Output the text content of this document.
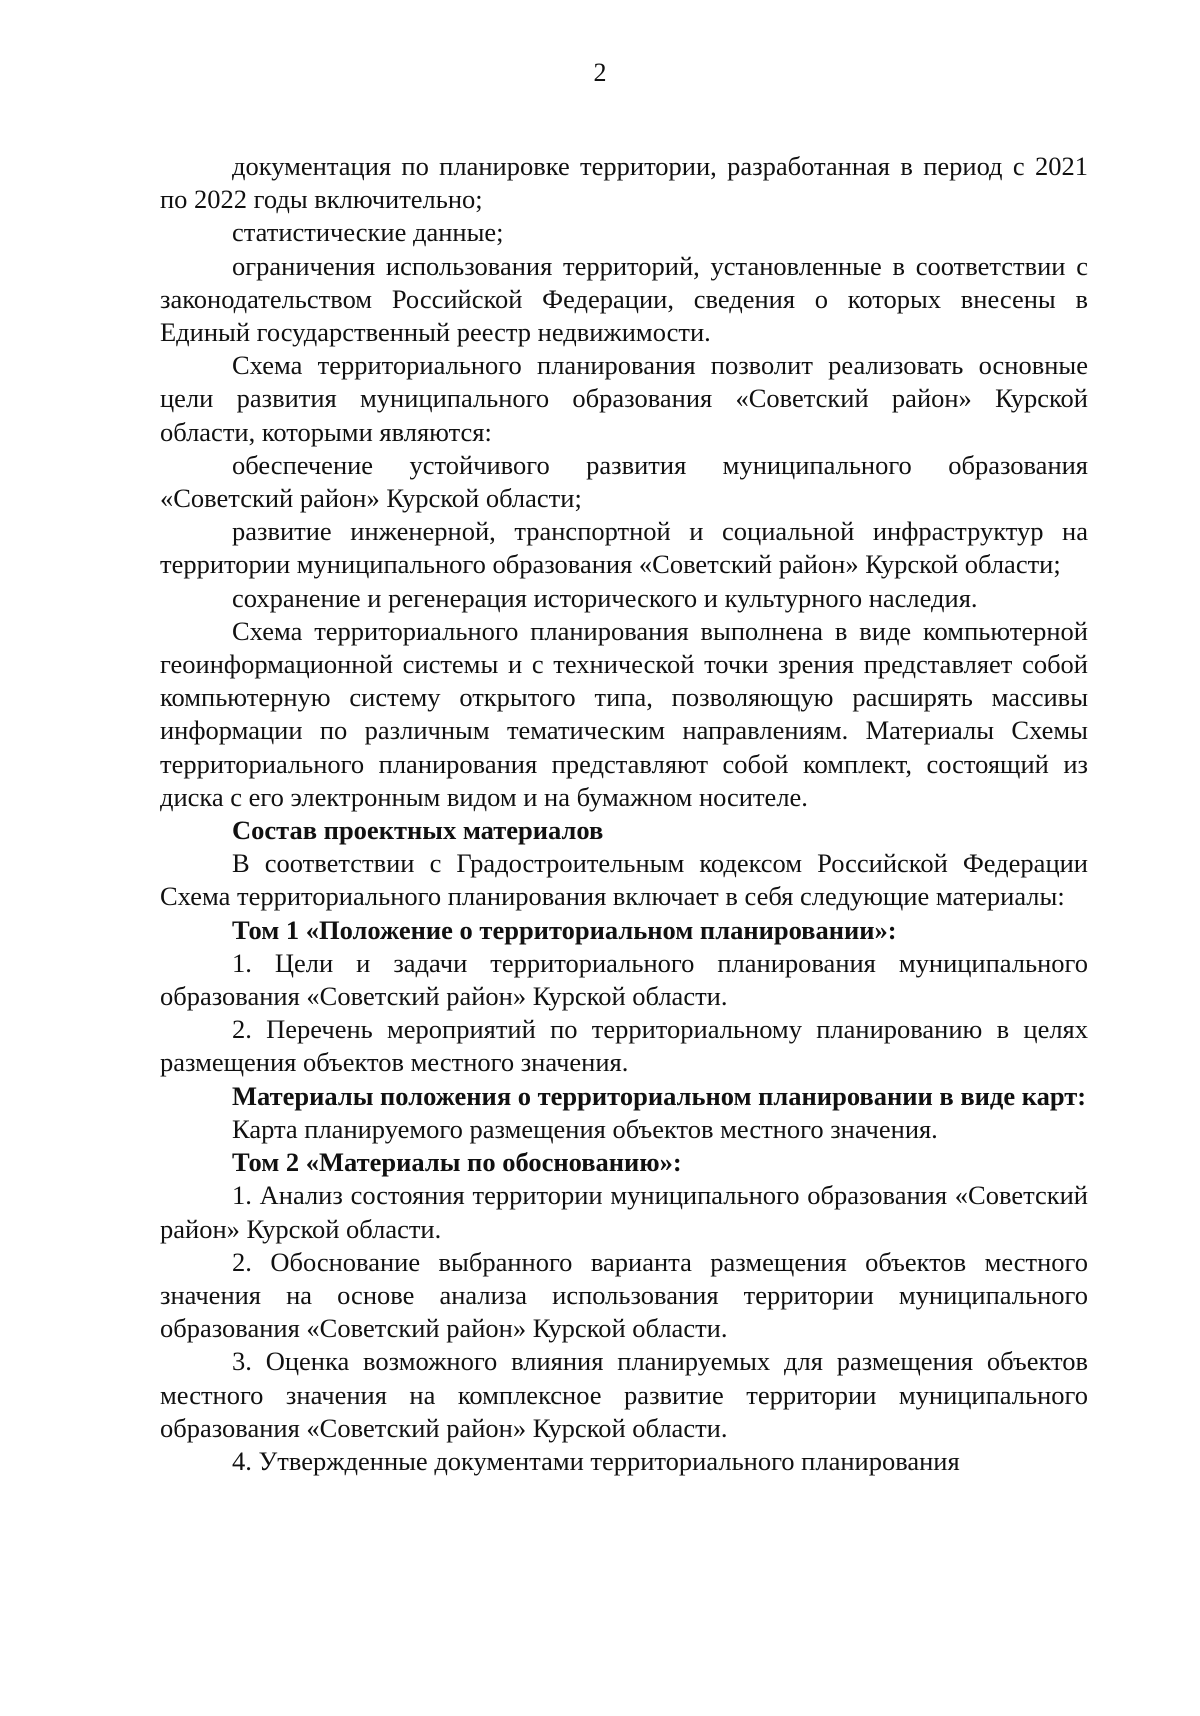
2

документация по планировке территории, разработанная в период с 2021 по 2022 годы включительно;

статистические данные;

ограничения использования территорий, установленные в соответствии с законодательством Российской Федерации, сведения о которых внесены в Единый государственный реестр недвижимости.

Схема территориального планирования позволит реализовать основные цели развития муниципального образования «Советский район» Курской области, которыми являются:

обеспечение устойчивого развития муниципального образования «Советский район» Курской области;

развитие инженерной, транспортной и социальной инфраструктур на территории муниципального образования «Советский район» Курской области;

сохранение и регенерация исторического и культурного наследия.

Схема территориального планирования выполнена в виде компьютерной геоинформационной системы и с технической точки зрения представляет собой компьютерную систему открытого типа, позволяющую расширять массивы информации по различным тематическим направлениям. Материалы Схемы территориального планирования представляют собой комплект, состоящий из диска с его электронным видом и на бумажном носителе.

Состав проектных материалов

В соответствии с Градостроительным кодексом Российской Федерации Схема территориального планирования включает в себя следующие материалы:

Том 1 «Положение о территориальном планировании»:

1. Цели и задачи территориального планирования муниципального образования «Советский район» Курской области.

2. Перечень мероприятий по территориальному планированию в целях размещения объектов местного значения.

Материалы положения о территориальном планировании в виде карт:

Карта планируемого размещения объектов местного значения.

Том 2 «Материалы по обоснованию»:

1. Анализ состояния территории муниципального образования «Советский район» Курской области.

2. Обоснование выбранного варианта размещения объектов местного значения на основе анализа использования территории муниципального образования «Советский район» Курской области.

3. Оценка возможного влияния планируемых для размещения объектов местного значения на комплексное развитие территории муниципального образования «Советский район» Курской области.

4. Утвержденные документами территориального планирования
